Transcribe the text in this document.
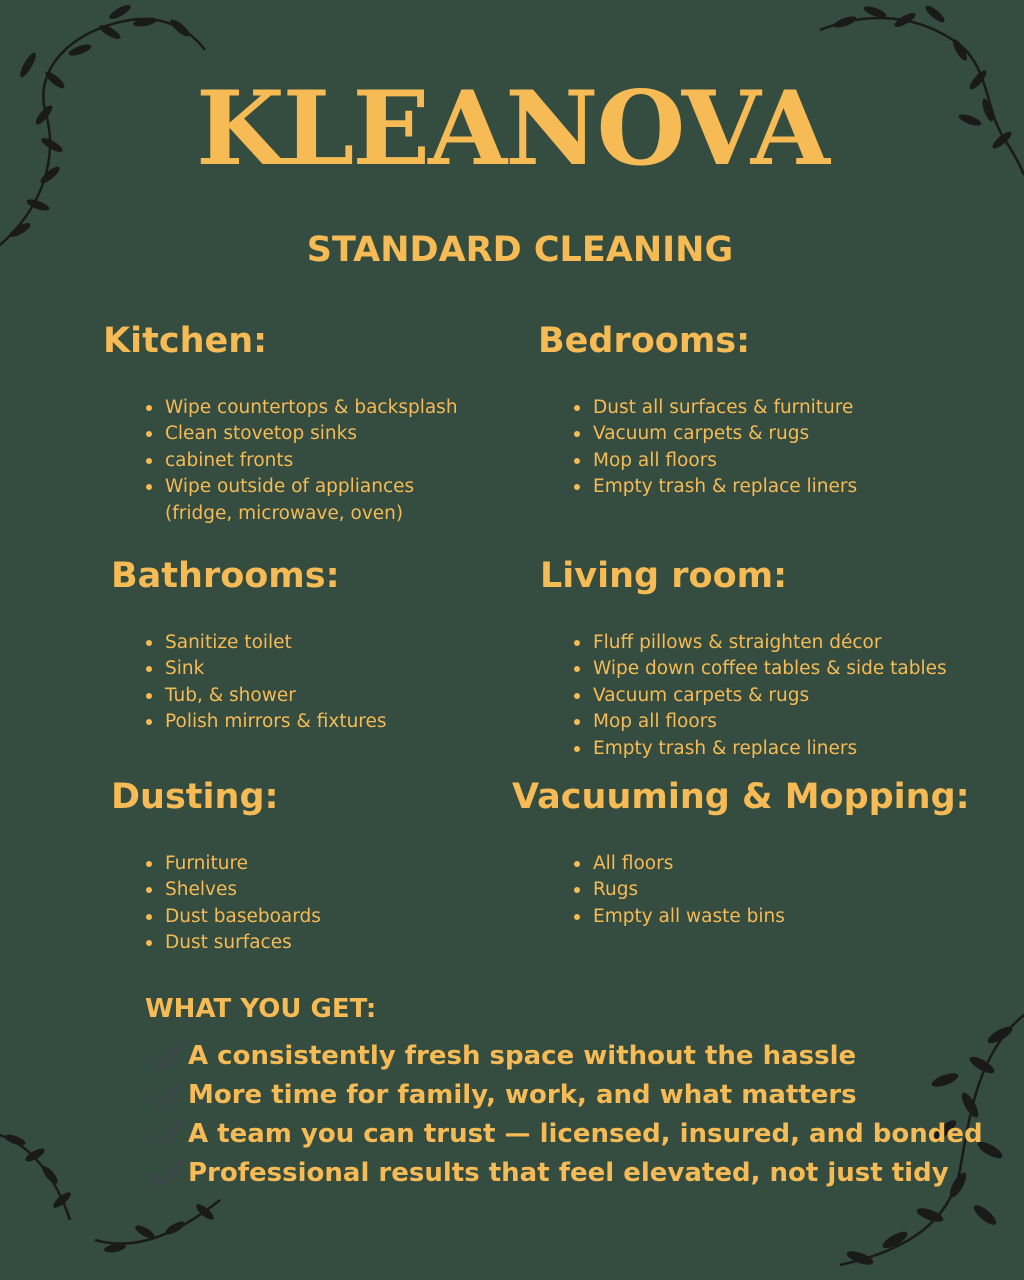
KLEANOVA
STANDARD CLEANING
Kitchen:
Wipe countertops & backsplash
Clean stovetop sinks
cabinet fronts
Wipe outside of appliances (fridge, microwave, oven)
Bedrooms:
Dust all surfaces & furniture
Vacuum carpets & rugs
Mop all floors
Empty trash & replace liners
Bathrooms:
Sanitize toilet
Sink
Tub, & shower
Polish mirrors & fixtures
Living room:
Fluff pillows & straighten décor
Wipe down coffee tables & side tables
Vacuum carpets & rugs
Mop all floors
Empty trash & replace liners
Dusting:
Furniture
Shelves
Dust baseboards
Dust surfaces
Vacuuming & Mopping:
All floors
Rugs
Empty all waste bins
WHAT YOU GET:
A consistently fresh space without the hassle
More time for family, work, and what matters
A team you can trust — licensed, insured, and bonded
Professional results that feel elevated, not just tidy
